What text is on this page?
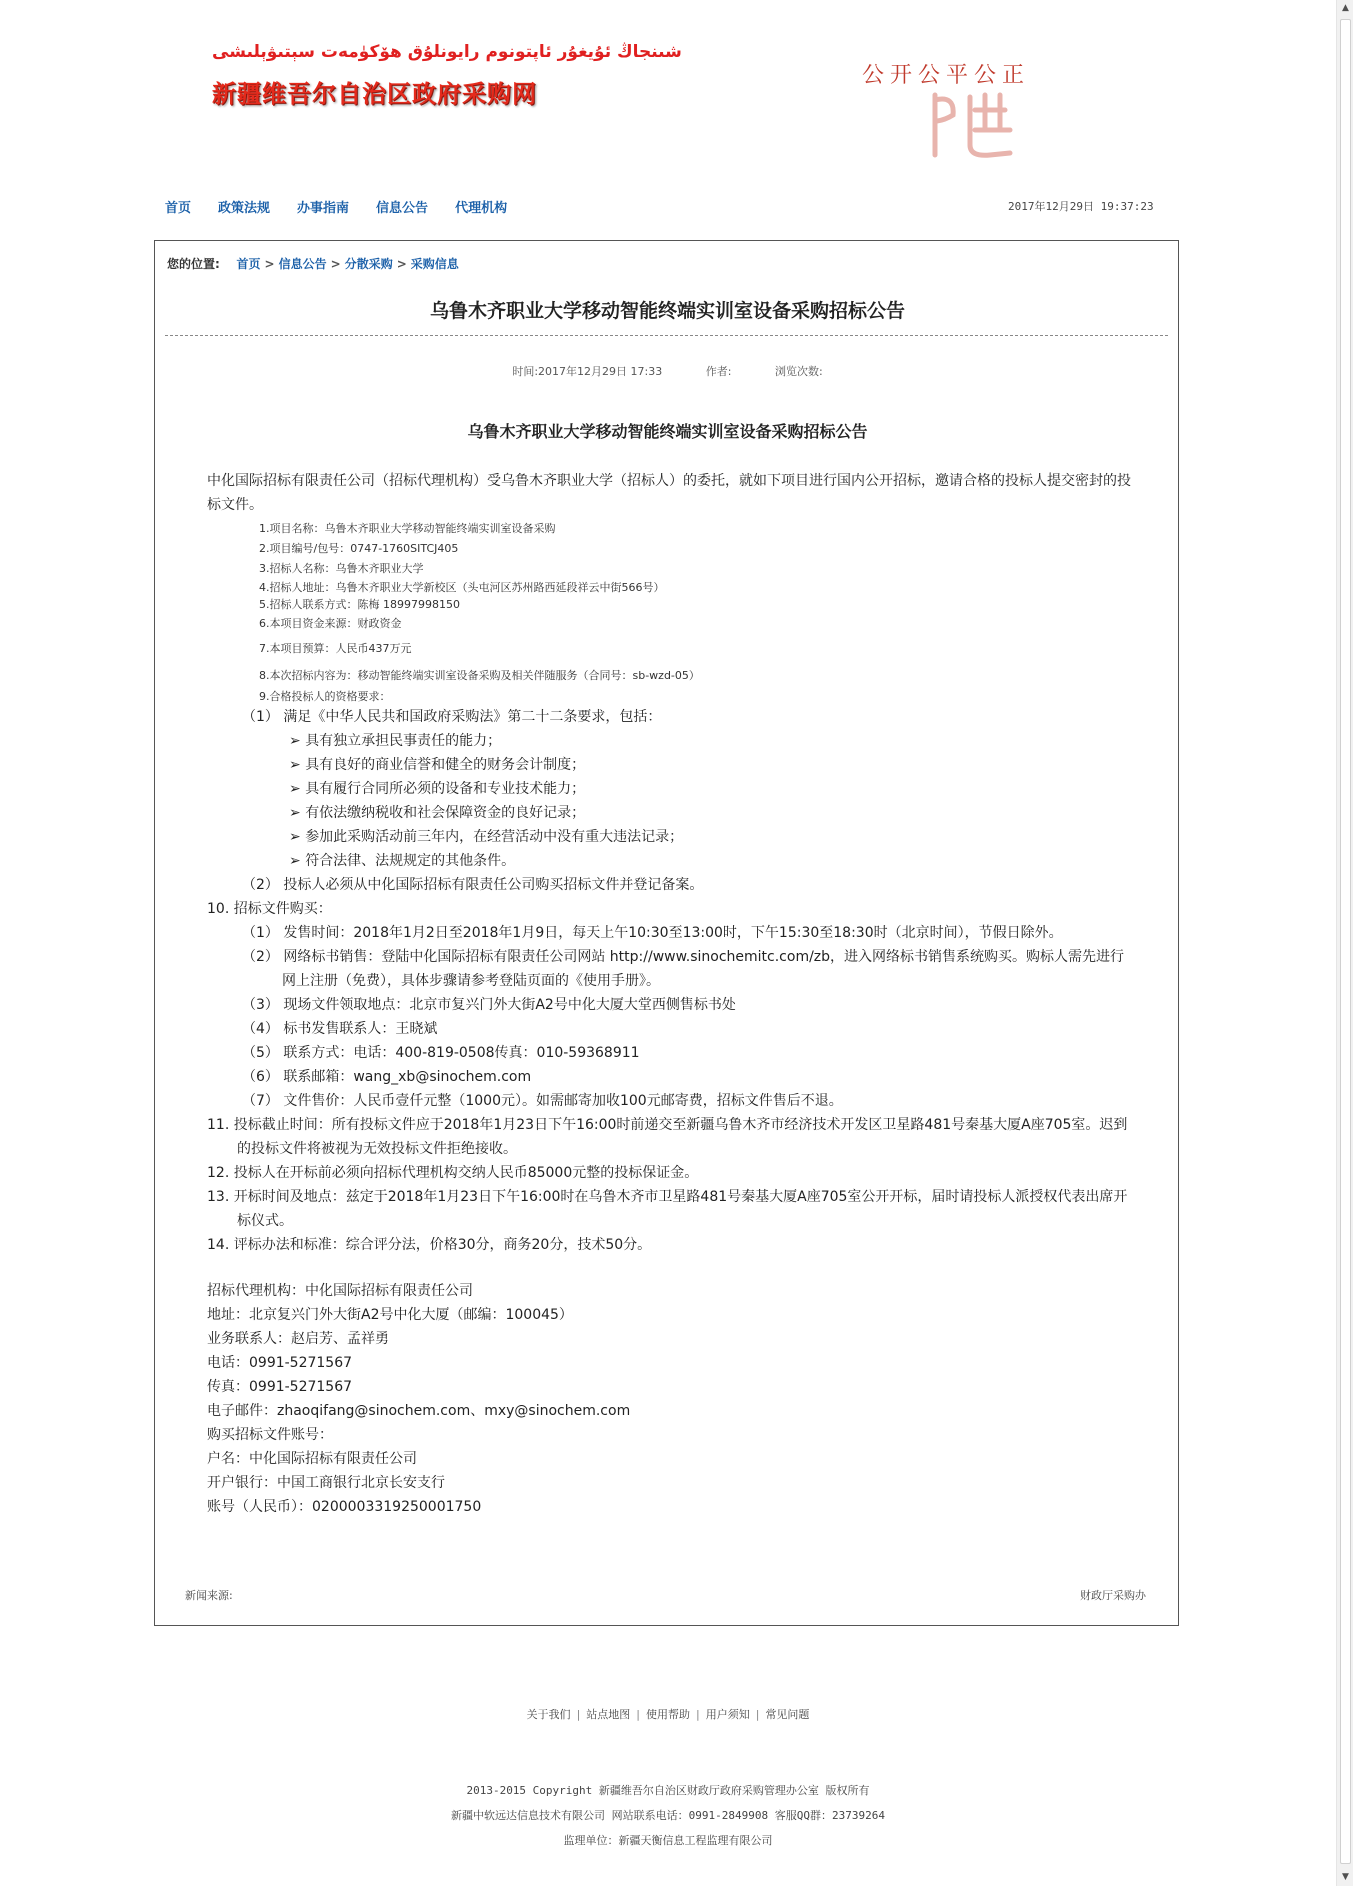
شىنجاڭ ئۇيغۇر ئاپتونوم رايونلۇق ھۆكۈمەت سېتىۋېلىشى
新疆维吾尔自治区政府采购网
公开公平公正
首页 政策法规 办事指南 信息公告 代理机构	2017年12月29日 19:37:23
您的位置: 首页 > 信息公告 > 分散采购 > 采购信息
乌鲁木齐职业大学移动智能终端实训室设备采购招标公告
时间:2017年12月29日 17:33	作者:	浏览次数:
乌鲁木齐职业大学移动智能终端实训室设备采购招标公告

中化国际招标有限责任公司（招标代理机构）受乌鲁木齐职业大学（招标人）的委托，就如下项目进行国内公开招标，邀请合格的投标人提交密封的投标文件。

1.项目名称：乌鲁木齐职业大学移动智能终端实训室设备采购
2.项目编号/包号：0747-1760SITCJ405
3.招标人名称：乌鲁木齐职业大学
4.招标人地址：乌鲁木齐职业大学新校区（头屯河区苏州路西延段祥云中街566号）
5.招标人联系方式：陈梅 18997998150
6.本项目资金来源：财政资金
7.本项目预算：人民币437万元
8.本次招标内容为：移动智能终端实训室设备采购及相关伴随服务（合同号：sb-wzd-05）
9.合格投标人的资格要求：
（1） 满足《中华人民共和国政府采购法》第二十二条要求，包括：
➢ 具有独立承担民事责任的能力；
➢ 具有良好的商业信誉和健全的财务会计制度；
➢ 具有履行合同所必须的设备和专业技术能力；
➢ 有依法缴纳税收和社会保障资金的良好记录；
➢ 参加此采购活动前三年内，在经营活动中没有重大违法记录；
➢ 符合法律、法规规定的其他条件。
（2） 投标人必须从中化国际招标有限责任公司购买招标文件并登记备案。
10. 招标文件购买：
（1） 发售时间：2018年1月2日至2018年1月9日，每天上午10:30至13:00时，下午15:30至18:30时（北京时间），节假日除外。
（2） 网络标书销售：登陆中化国际招标有限责任公司网站 http://www.sinochemitc.com/zb，进入网络标书销售系统购买。购标人需先进行网上注册（免费），具体步骤请参考登陆页面的《使用手册》。
（3） 现场文件领取地点：北京市复兴门外大街A2号中化大厦大堂西侧售标书处
（4） 标书发售联系人：王晓斌
（5） 联系方式：电话：400-819-0508传真：010-59368911
（6） 联系邮箱：wang_xb@sinochem.com
（7） 文件售价：人民币壹仟元整（1000元）。如需邮寄加收100元邮寄费，招标文件售后不退。
11. 投标截止时间：所有投标文件应于2018年1月23日下午16:00时前递交至新疆乌鲁木齐市经济技术开发区卫星路481号秦基大厦A座705室。迟到的投标文件将被视为无效投标文件拒绝接收。
12. 投标人在开标前必须向招标代理机构交纳人民币85000元整的投标保证金。
13. 开标时间及地点：兹定于2018年1月23日下午16:00时在乌鲁木齐市卫星路481号秦基大厦A座705室公开开标，届时请投标人派授权代表出席开标仪式。
14. 评标办法和标准：综合评分法，价格30分，商务20分，技术50分。
招标代理机构：中化国际招标有限责任公司
地址：北京复兴门外大街A2号中化大厦（邮编：100045）
业务联系人：赵启芳、孟祥勇
电话：0991-5271567
传真：0991-5271567
电子邮件：zhaoqifang@sinochem.com、mxy@sinochem.com
购买招标文件账号：
户名：中化国际招标有限责任公司
开户银行：中国工商银行北京长安支行
账号（人民币）：0200003319250001750
新闻来源:	财政厅采购办
关于我们 | 站点地图 | 使用帮助 | 用户须知 | 常见问题
2013-2015 Copyright 新疆维吾尔自治区财政厅政府采购管理办公室 版权所有
新疆中软远达信息技术有限公司 网站联系电话：0991-2849908 客服QQ群：23739264
监理单位：新疆天衡信息工程监理有限公司
▲
▼
